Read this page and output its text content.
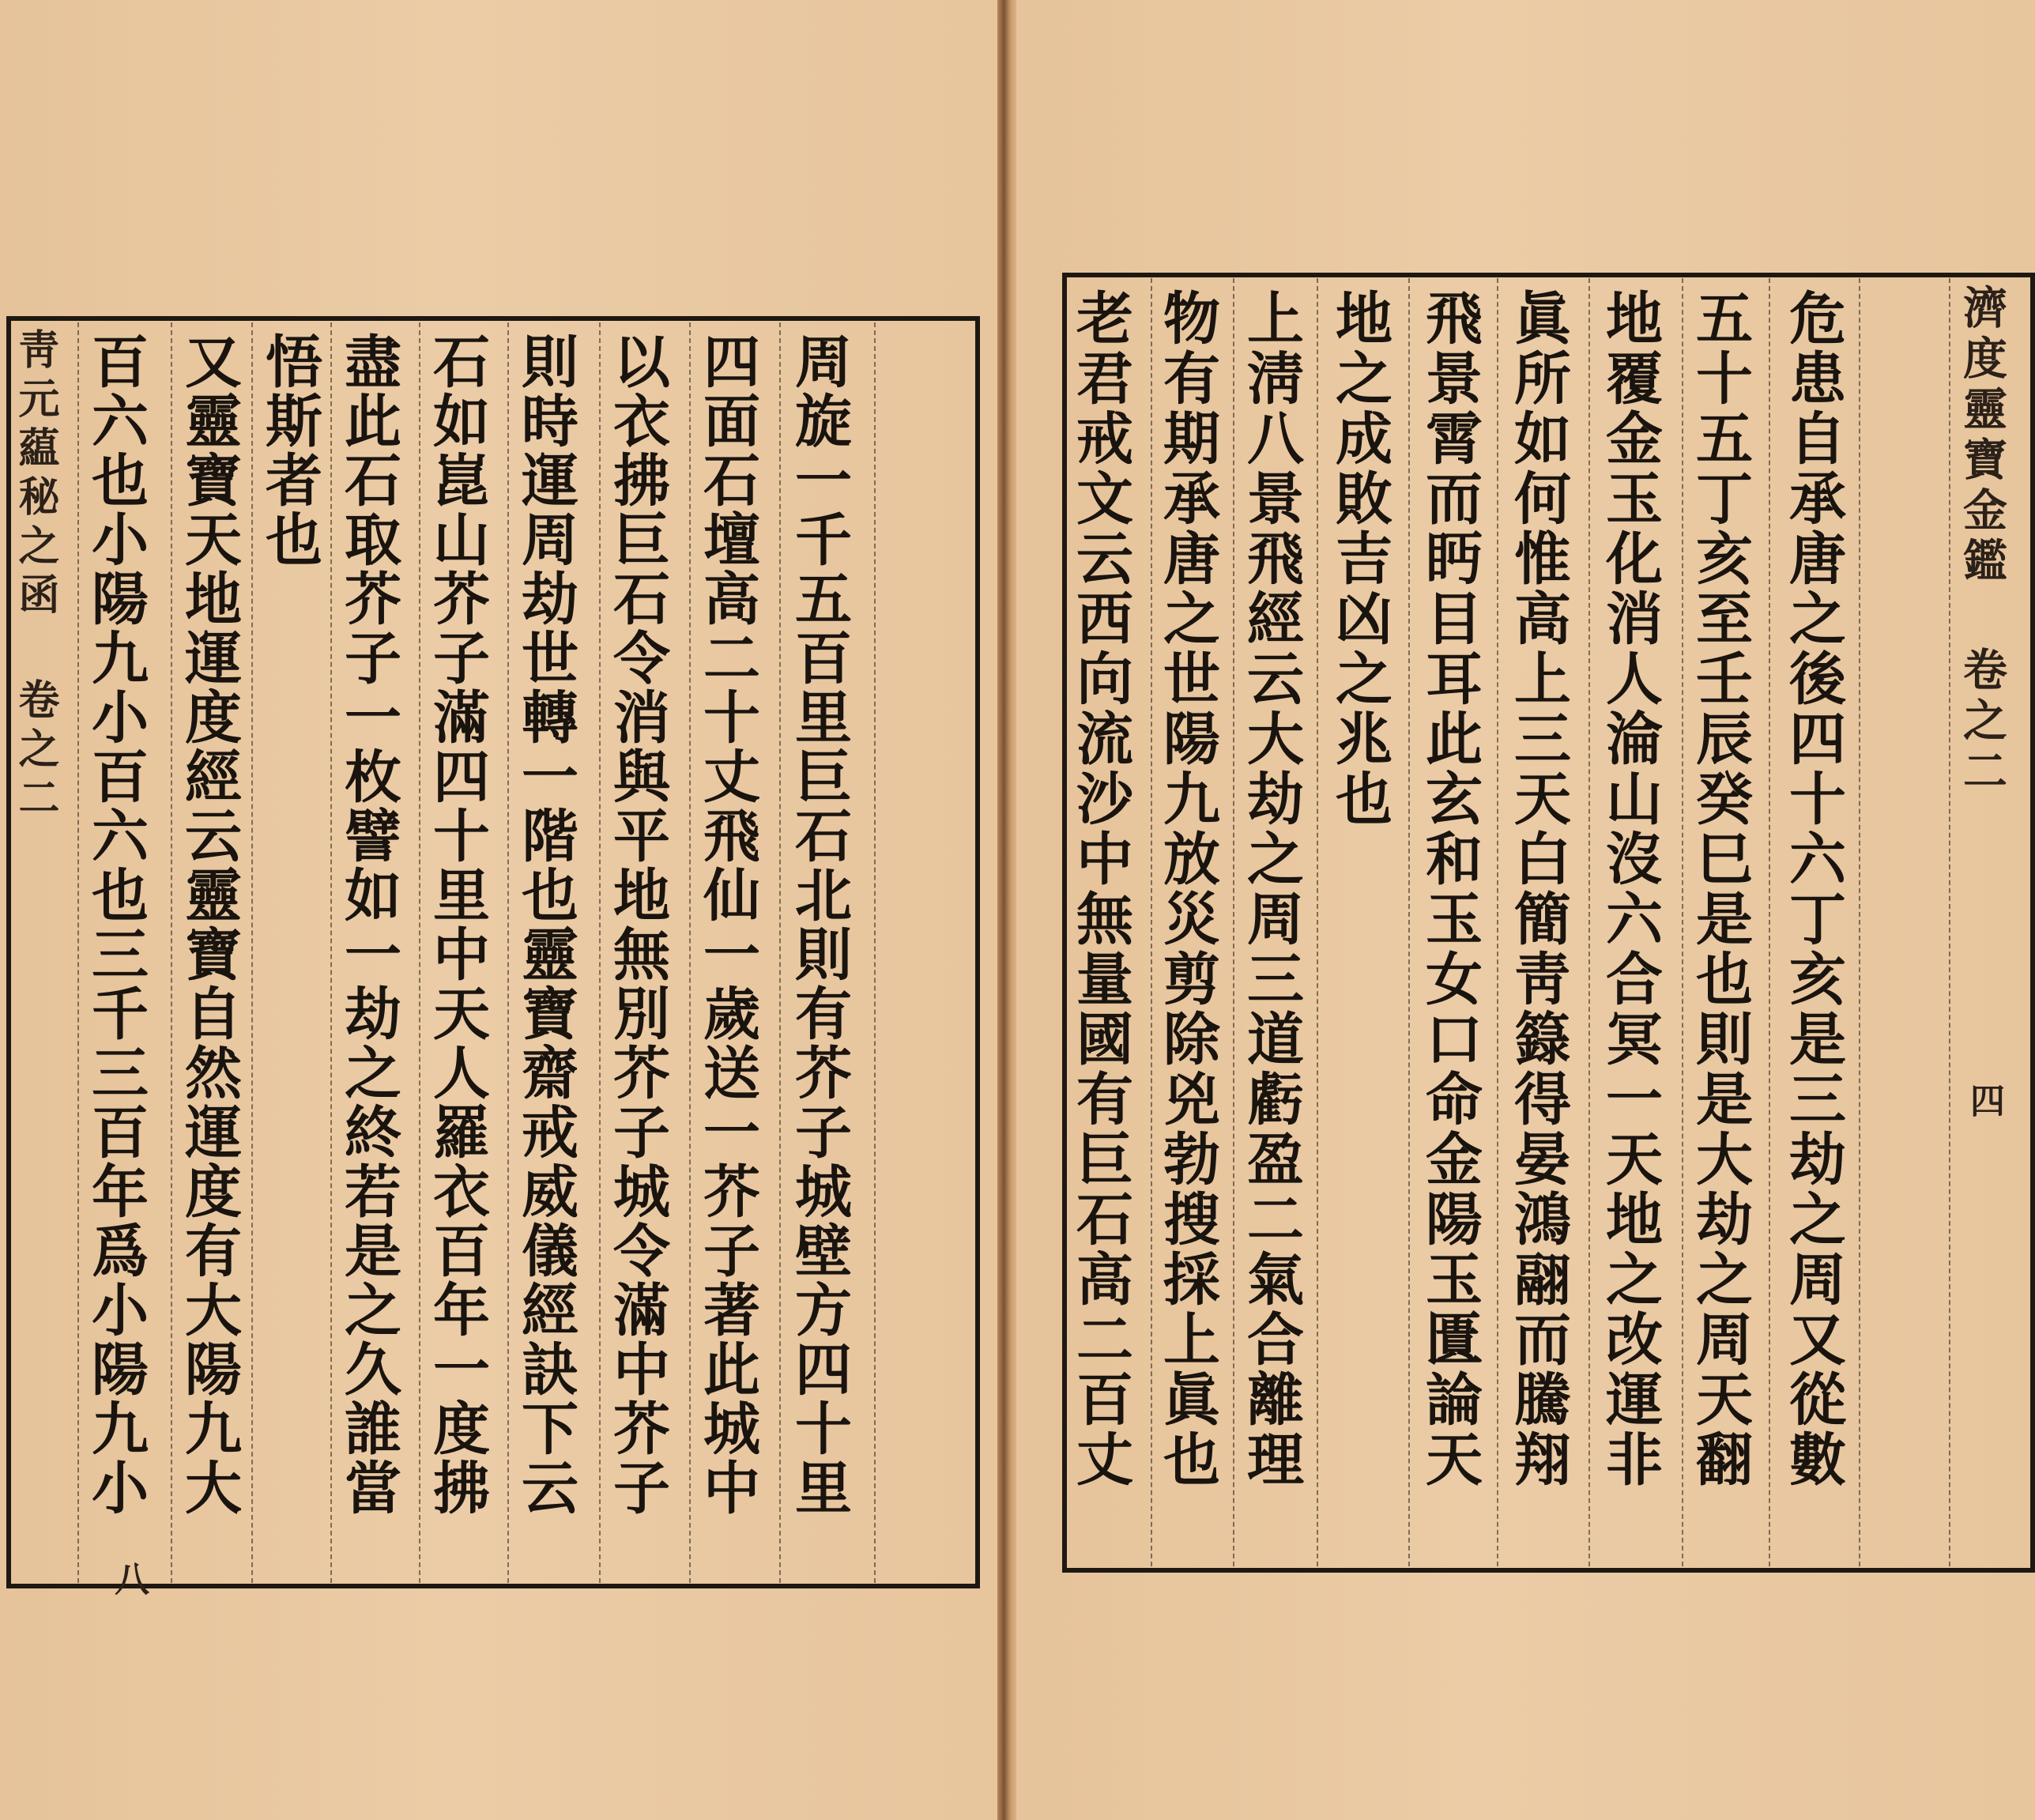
靑元藴秘之函 卷之二
八
百六也小陽九小百六也三千三百年爲小陽九小 又靈寶天地運度經云靈寶自然運度有大陽九大 悟斯者也 盡此石取芥子一枚譬如一劫之終若是之久誰當 石如崑山芥子滿四十里中天人羅衣百年一度拂 則時運周劫世轉一階也靈寶齋戒威儀經訣下云 以衣拂巨石令消與平地無別芥子城令滿中芥子 四面石壇高二十丈飛仙一歲送一芥子著此城中 周旋一千五百里巨石北則有芥子城壁方四十里	濟度靈寶金鑑 卷之二
四
老君戒文云西向流沙中無量國有巨石高二百丈 物有期承唐之世陽九放災剪除兇勃搜採上眞也 上淸八景飛經云大劫之周三道虧盈二氣合離理 地之成敗吉凶之兆也 飛景霄而眄目耳此玄和玉女口命金陽玉匱論天 眞所如何惟高上三天白簡靑籙得晏鴻翮而騰翔 地覆金玉化消人淪山沒六合冥一天地之改運非 五十五丁亥至壬辰癸巳是也則是大劫之周天翻 危患自承唐之後四十六丁亥是三劫之周又從數
